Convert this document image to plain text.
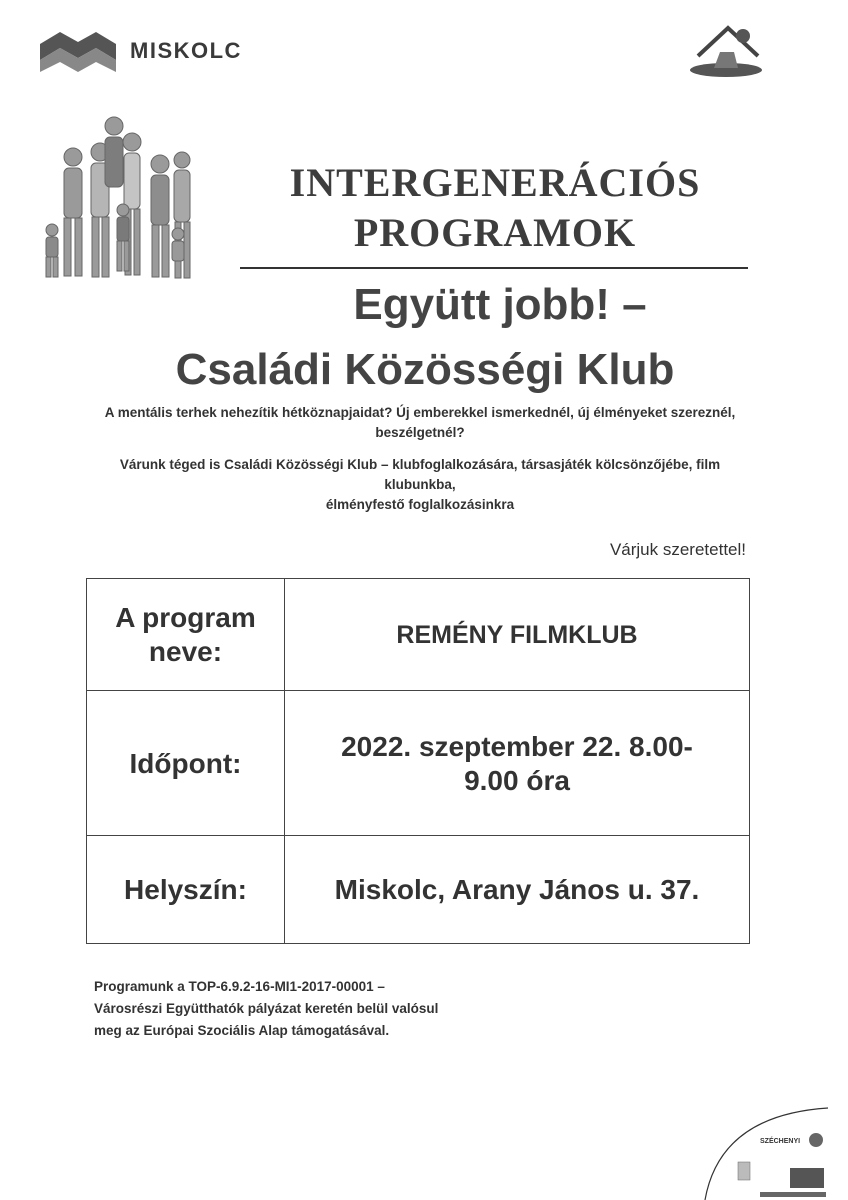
MISKOLC
INTERGENERÁCIÓS
PROGRAMOK
Együtt jobb! –
Családi Közösségi Klub
A mentális terhek nehezítik hétköznapjaidat? Új emberekkel ismerkednél, új élményeket szereznél,
beszélgetnél?
Várunk téged is Családi Közösségi Klub – klubfoglalkozására, társasjáték kölcsönzőjébe, film klubunkba,
élményfestő foglalkozásinkra
Várjuk szeretettel!
A program
neve:
REMÉNY FILMKLUB
Időpont:
2022. szeptember 22. 8.00-
9.00 óra
Helyszín:	Miskolc, Arany János u. 37.
Programunk a TOP-6.9.2-16-MI1-2017-00001 –
Városrészi Együtthatók pályázat keretén belül valósul
meg az Európai Szociális Alap támogatásával.
SZÉCHENYI
